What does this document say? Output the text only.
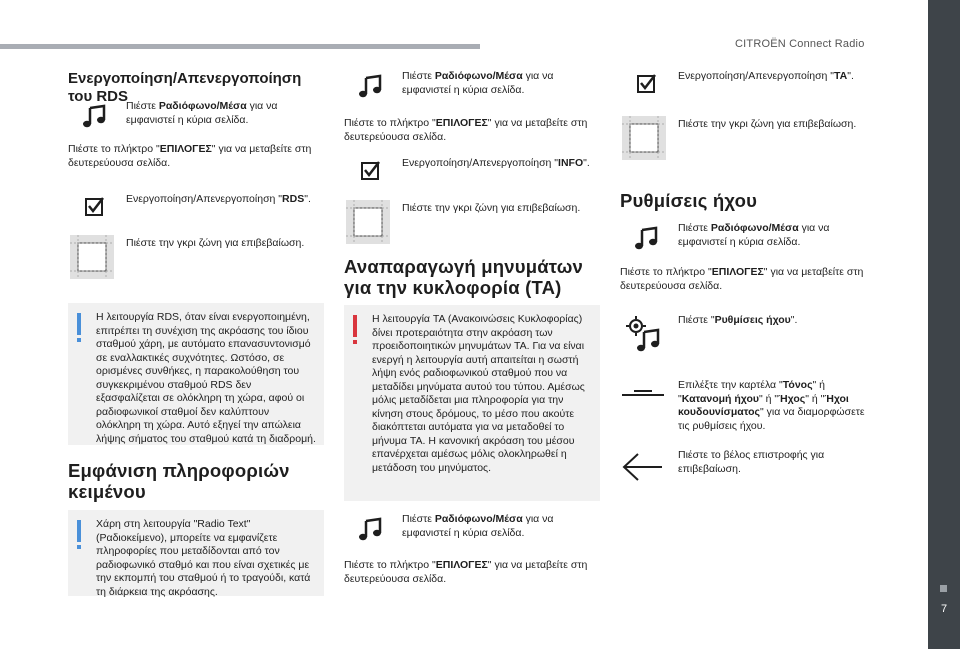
CITROËN Connect Radio
7
Ενεργοποίηση/Απενεργοποίηση του RDS
Πιέστε Ραδιόφωνο/Μέσα για να εμφανιστεί η κύρια σελίδα.
Πιέστε το πλήκτρο "ΕΠΙΛΟΓΕΣ" για να μεταβείτε στη δευτερεύουσα σελίδα.
Ενεργοποίηση/Απενεργοποίηση "RDS".
Πιέστε την γκρι ζώνη για επιβεβαίωση.
Η λειτουργία RDS, όταν είναι ενεργοποιημένη, επιτρέπει τη συνέχιση της ακρόασης του ίδιου σταθμού χάρη, με αυτόματο επανασυντονισμό σε εναλλακτικές συχνότητες. Ωστόσο, σε ορισμένες συνθήκες, η παρακολούθηση του συγκεκριμένου σταθμού RDS δεν εξασφαλίζεται σε ολόκληρη τη χώρα, αφού οι ραδιοφωνικοί σταθμοί δεν καλύπτουν ολόκληρη τη χώρα. Αυτό εξηγεί την απώλεια λήψης σήματος του σταθμού κατά τη διαδρομή.
Εμφάνιση πληροφοριών κειμένου
Χάρη στη λειτουργία "Radio Text" (Ραδιοκείμενο), μπορείτε να εμφανίζετε πληροφορίες που μεταδίδονται από τον ραδιοφωνικό σταθμό και που είναι σχετικές με την εκπομπή του σταθμού ή το τραγούδι, κατά τη διάρκεια της ακρόασης.
Πιέστε Ραδιόφωνο/Μέσα για να εμφανιστεί η κύρια σελίδα.
Πιέστε το πλήκτρο "ΕΠΙΛΟΓΕΣ" για να μεταβείτε στη δευτερεύουσα σελίδα.
Ενεργοποίηση/Απενεργοποίηση "INFO".
Πιέστε την γκρι ζώνη για επιβεβαίωση.
Αναπαραγωγή μηνυμάτων για την κυκλοφορία (TA)
Η λειτουργία TA (Ανακοινώσεις Κυκλοφορίας) δίνει προτεραιότητα στην ακρόαση των προειδοποιητικών μηνυμάτων TA. Για να είναι ενεργή η λειτουργία αυτή απαιτείται η σωστή λήψη ενός ραδιοφωνικού σταθμού που να μεταδίδει μηνύματα αυτού του τύπου. Αμέσως μόλις μεταδίδεται μια πληροφορία για την κίνηση στους δρόμους, το μέσο που ακούτε διακόπτεται αυτόματα για να μεταδοθεί το μήνυμα TA. Η κανονική ακρόαση του μέσου επανέρχεται αμέσως μόλις ολοκληρωθεί η μετάδοση του μηνύματος.
Πιέστε Ραδιόφωνο/Μέσα για να εμφανιστεί η κύρια σελίδα.
Πιέστε το πλήκτρο "ΕΠΙΛΟΓΕΣ" για να μεταβείτε στη δευτερεύουσα σελίδα.
Ενεργοποίηση/Απενεργοποίηση "TA".
Πιέστε την γκρι ζώνη για επιβεβαίωση.
Ρυθμίσεις ήχου
Πιέστε Ραδιόφωνο/Μέσα για να εμφανιστεί η κύρια σελίδα.
Πιέστε το πλήκτρο "ΕΠΙΛΟΓΕΣ" για να μεταβείτε στη δευτερεύουσα σελίδα.
Πιέστε "Ρυθμίσεις ήχου".
Επιλέξτε την καρτέλα "Τόνος" ή "Κατανομή ήχου" ή "Ήχος" ή "Ήχοι κουδουνίσματος" για να διαμορφώσετε τις ρυθμίσεις ήχου.
Πιέστε το βέλος επιστροφής για επιβεβαίωση.
